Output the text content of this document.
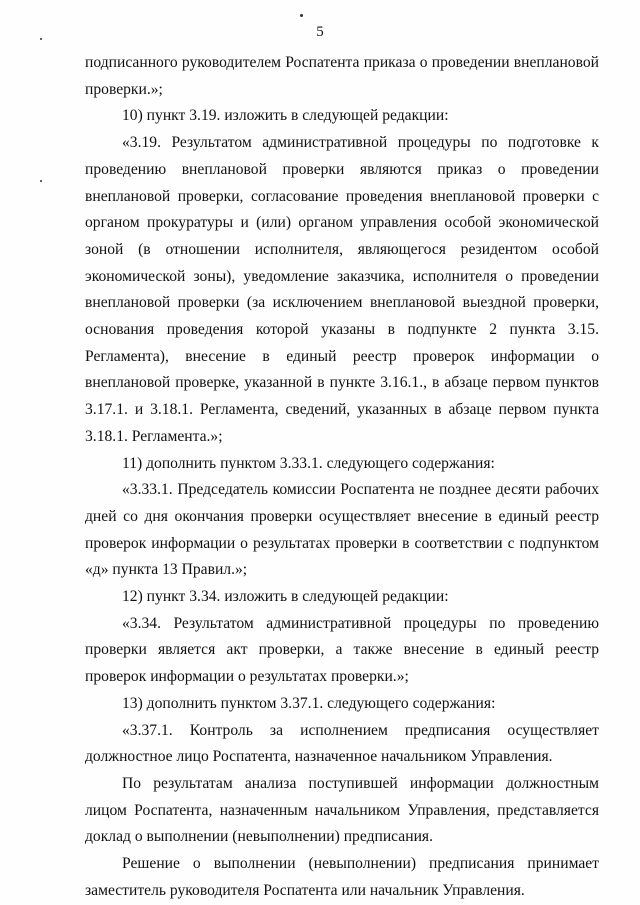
5

подписанного руководителем Роспатента приказа о проведении внеплановой проверки.»;

10) пункт 3.19. изложить в следующей редакции:

«3.19. Результатом административной процедуры по подготовке к проведению внеплановой проверки являются приказ о проведении внеплановой проверки, согласование проведения внеплановой проверки с органом прокуратуры и (или) органом управления особой экономической зоной (в отношении исполнителя, являющегося резидентом особой экономической зоны), уведомление заказчика, исполнителя о проведении внеплановой проверки (за исключением внеплановой выездной проверки, основания проведения которой указаны в подпункте 2 пункта 3.15. Регламента), внесение в единый реестр проверок информации о внеплановой проверке, указанной в пункте 3.16.1., в абзаце первом пунктов 3.17.1. и 3.18.1. Регламента, сведений, указанных в абзаце первом пункта 3.18.1. Регламента.»;

11) дополнить пунктом 3.33.1. следующего содержания:

«3.33.1. Председатель комиссии Роспатента не позднее десяти рабочих дней со дня окончания проверки осуществляет внесение в единый реестр проверок информации о результатах проверки в соответствии с подпунктом «д» пункта 13 Правил.»;

12) пункт 3.34. изложить в следующей редакции:

«3.34. Результатом административной процедуры по проведению проверки является акт проверки, а также внесение в единый реестр проверок информации о результатах проверки.»;

13) дополнить пунктом 3.37.1. следующего содержания:

«3.37.1. Контроль за исполнением предписания осуществляет должностное лицо Роспатента, назначенное начальником Управления.

По результатам анализа поступившей информации должностным лицом Роспатента, назначенным начальником Управления, представляется доклад о выполнении (невыполнении) предписания.

Решение о выполнении (невыполнении) предписания принимает заместитель руководителя Роспатента или начальник Управления.
